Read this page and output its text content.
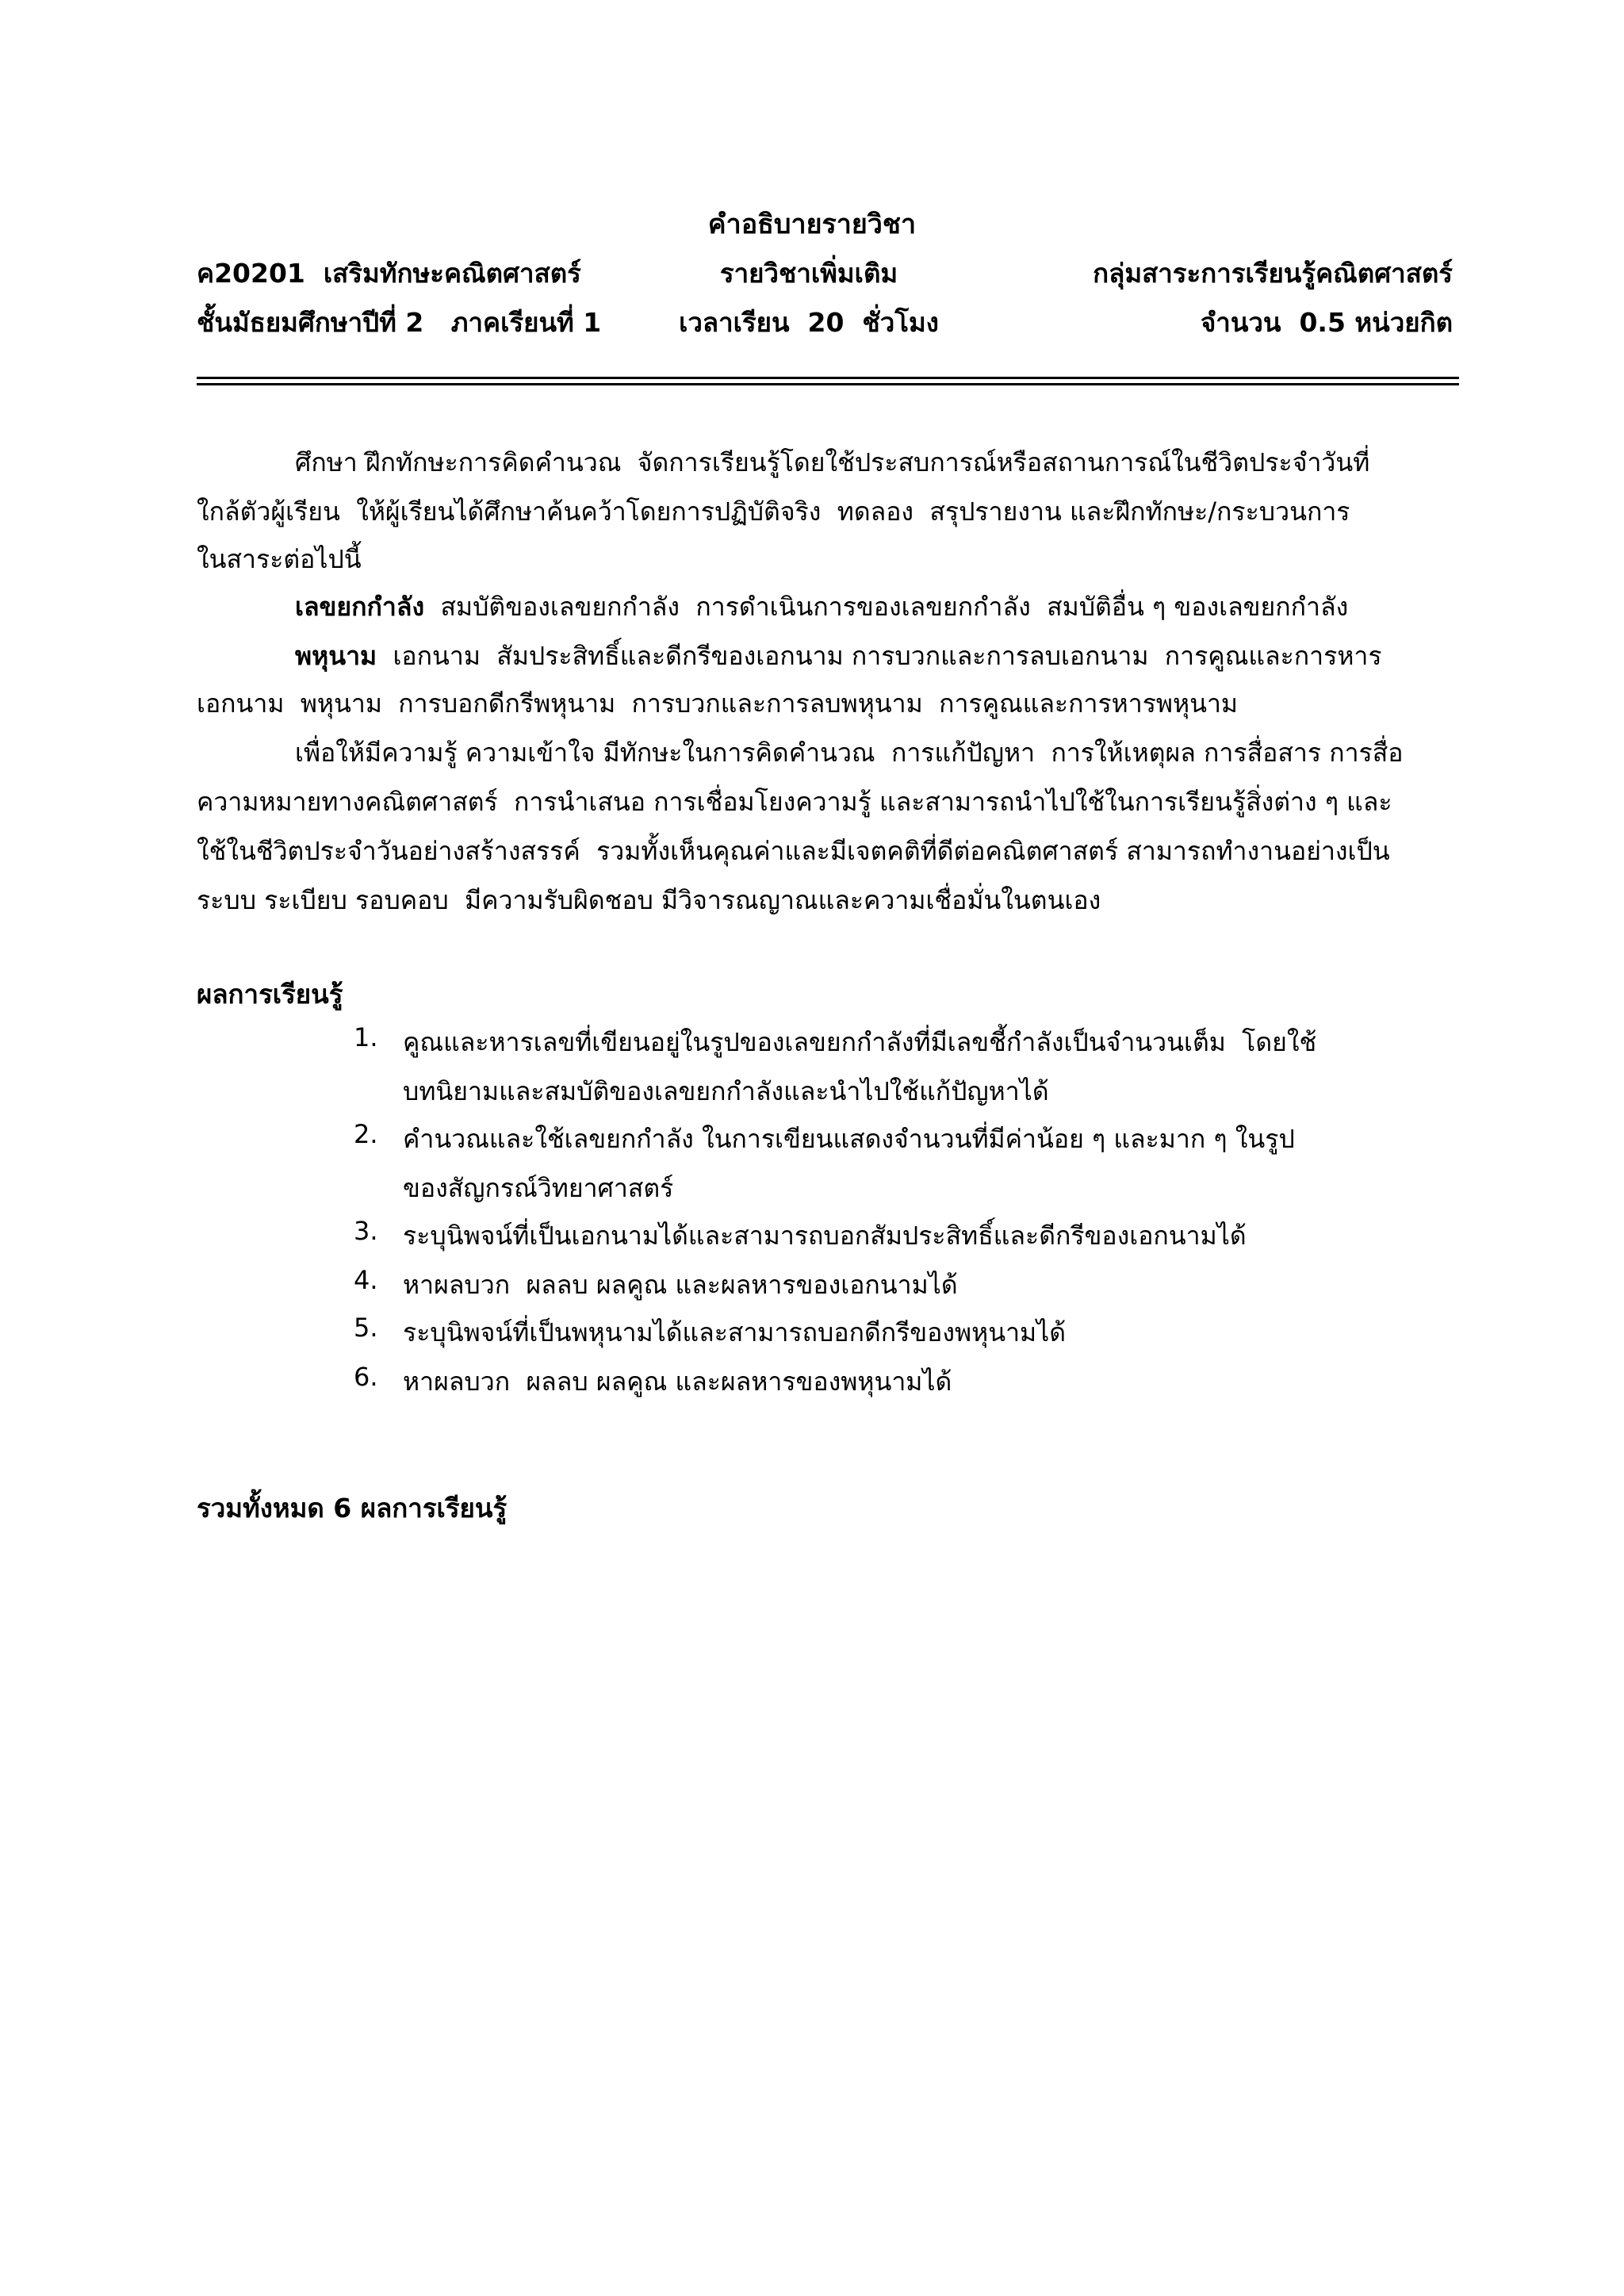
คำอธิบายรายวิชา
ค20201  เสริมทักษะคณิตศาสตร์	รายวิชาเพิ่มเติม	กลุ่มสาระการเรียนรู้คณิตศาสตร์
ชั้นมัธยมศึกษาปีที่ 2   ภาคเรียนที่ 1	เวลาเรียน  20  ชั่วโมง	จำนวน  0.5 หน่วยกิต
ศึกษา ฝึกทักษะการคิดคำนวณ  จัดการเรียนรู้โดยใช้ประสบการณ์หรือสถานการณ์ในชีวิตประจำวันที่
ใกล้ตัวผู้เรียน  ให้ผู้เรียนได้ศึกษาค้นคว้าโดยการปฏิบัติจริง  ทดลอง  สรุปรายงาน และฝึกทักษะ/กระบวนการ
ในสาระต่อไปนี้
เลขยกกำลัง  สมบัติของเลขยกกำลัง  การดำเนินการของเลขยกกำลัง  สมบัติอื่น ๆ ของเลขยกกำลัง
พหุนาม  เอกนาม  สัมประสิทธิ์และดีกรีของเอกนาม การบวกและการลบเอกนาม  การคูณและการหาร
เอกนาม  พหุนาม  การบอกดีกรีพหุนาม  การบวกและการลบพหุนาม  การคูณและการหารพหุนาม
เพื่อให้มีความรู้ ความเข้าใจ มีทักษะในการคิดคำนวณ  การแก้ปัญหา  การให้เหตุผล การสื่อสาร การสื่อ
ความหมายทางคณิตศาสตร์  การนำเสนอ การเชื่อมโยงความรู้ และสามารถนำไปใช้ในการเรียนรู้สิ่งต่าง ๆ และ
ใช้ในชีวิตประจำวันอย่างสร้างสรรค์  รวมทั้งเห็นคุณค่าและมีเจตคติที่ดีต่อคณิตศาสตร์ สามารถทำงานอย่างเป็น
ระบบ ระเบียบ รอบคอบ  มีความรับผิดชอบ มีวิจารณญาณและความเชื่อมั่นในตนเอง
ผลการเรียนรู้
1. คูณและหารเลขที่เขียนอยู่ในรูปของเลขยกกำลังที่มีเลขชี้กำลังเป็นจำนวนเต็ม  โดยใช้
บทนิยามและสมบัติของเลขยกกำลังและนำไปใช้แก้ปัญหาได้
2. คำนวณและใช้เลขยกกำลัง ในการเขียนแสดงจำนวนที่มีค่าน้อย ๆ และมาก ๆ ในรูป
ของสัญกรณ์วิทยาศาสตร์
3. ระบุนิพจน์ที่เป็นเอกนามได้และสามารถบอกสัมประสิทธิ์และดีกรีของเอกนามได้
4. หาผลบวก  ผลลบ ผลคูณ และผลหารของเอกนามได้
5. ระบุนิพจน์ที่เป็นพหุนามได้และสามารถบอกดีกรีของพหุนามได้
6. หาผลบวก  ผลลบ ผลคูณ และผลหารของพหุนามได้
รวมทั้งหมด 6 ผลการเรียนรู้
